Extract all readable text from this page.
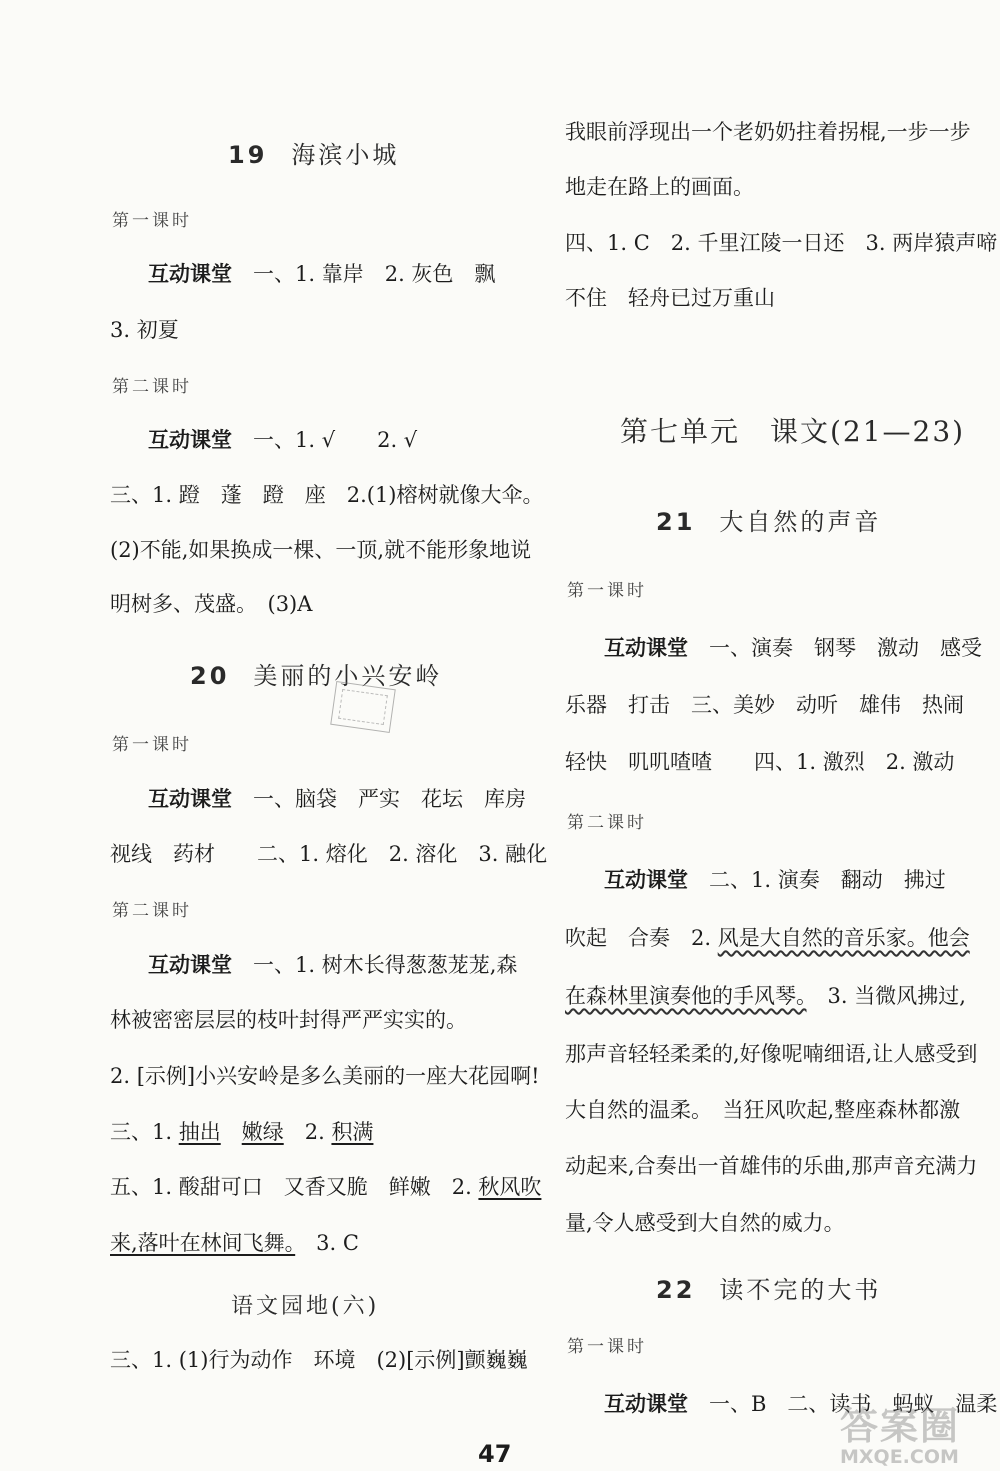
19 海滨小城
第一课时
互动课堂　一、1. 靠岸　2. 灰色　飘
3. 初夏
第二课时
互动课堂　一、1. √　　2. √
三、1. 蹬　蓬　蹬　座　2.(1)榕树就像大伞。
(2)不能,如果换成一棵、一顶,就不能形象地说
明树多、茂盛。　(3)A
20 美丽的小兴安岭
第一课时
互动课堂　一、脑袋　严实　花坛　库房
视线　药材　　二、1. 熔化　2. 溶化　3. 融化
第二课时
互动课堂　一、1. 树木长得葱葱茏茏,森
林被密密层层的枝叶封得严严实实的。
2. [示例]小兴安岭是多么美丽的一座大花园啊!
三、1. 抽出　 嫩绿　2. 积满
五、1. 酸甜可口　又香又脆　鲜嫩　2. 秋风吹
来,落叶在林间飞舞。　3. C
语文园地(六)
三、1. (1)行为动作　环境　(2)[示例]颤巍巍
我眼前浮现出一个老奶奶拄着拐棍,一步一步
地走在路上的画面。
四、1. C　2. 千里江陵一日还　3. 两岸猿声啼
不住　轻舟已过万重山
第七单元　课文(21—23)
21 大自然的声音
第一课时
互动课堂　一、演奏　钢琴　激动　感受
乐器　打击　三、美妙　动听　雄伟　热闹
轻快　叽叽喳喳　　四、1. 激烈　2. 激动
第二课时
互动课堂　二、1. 演奏　翻动　拂过
吹起　合奏　2. 风是大自然的音乐家。他会
在森林里演奏他的手风琴。　3. 当微风拂过,
那声音轻轻柔柔的,好像呢喃细语,让人感受到
大自然的温柔。　当狂风吹起,整座森林都激
动起来,合奏出一首雄伟的乐曲,那声音充满力
量,令人感受到大自然的威力。
22 读不完的大书
第一课时
互动课堂　一、B　二、读书　蚂蚁　温柔
答案圈
MXQE.COM
47
